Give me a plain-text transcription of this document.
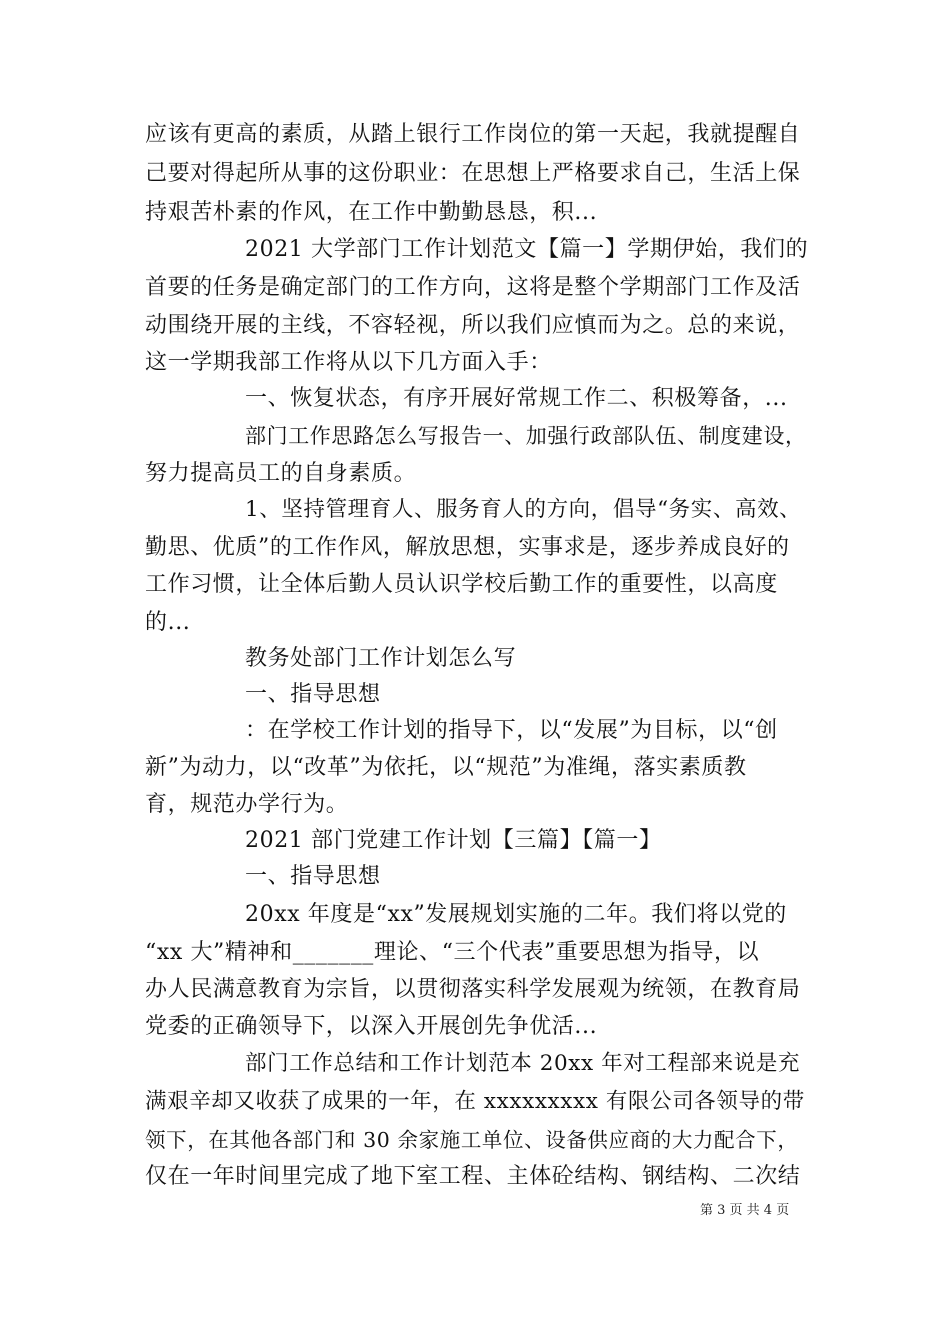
应该有更高的素质，从踏上银行工作岗位的第一天起，我就提醒自
己要对得起所从事的这份职业：在思想上严格要求自己，生活上保
持艰苦朴素的作风，在工作中勤勤恳恳，积...
2021 大学部门工作计划范文【篇一】学期伊始，我们的
首要的任务是确定部门的工作方向，这将是整个学期部门工作及活
动围绕开展的主线，不容轻视，所以我们应慎而为之。总的来说，
这一学期我部工作将从以下几方面入手：
一、恢复状态，有序开展好常规工作二、积极筹备，...
部门工作思路怎么写报告一、加强行政部队伍、制度建设，
努力提高员工的自身素质。
1、坚持管理育人、服务育人的方向，倡导“务实、高效、
勤思、优质”的工作作风，解放思想，实事求是，逐步养成良好的
工作习惯，让全体后勤人员认识学校后勤工作的重要性，以高度
的...
教务处部门工作计划怎么写
一、指导思想
：在学校工作计划的指导下，以“发展”为目标，以“创
新”为动力，以“改革”为依托，以“规范”为准绳，落实素质教
育，规范办学行为。
2021 部门党建工作计划【三篇】【篇一】
一、指导思想
20xx 年度是“xx”发展规划实施的二年。我们将以党的
“xx 大”精神和_______理论、“三个代表”重要思想为指导，以
办人民满意教育为宗旨，以贯彻落实科学发展观为统领，在教育局
党委的正确领导下，以深入开展创先争优活...
部门工作总结和工作计划范本 20xx 年对工程部来说是充
满艰辛却又收获了成果的一年，在 xxxxxxxxx 有限公司各领导的带
领下，在其他各部门和 30 余家施工单位、设备供应商的大力配合下，
仅在一年时间里完成了地下室工程、主体砼结构、钢结构、二次结
第 3 页 共 4 页
